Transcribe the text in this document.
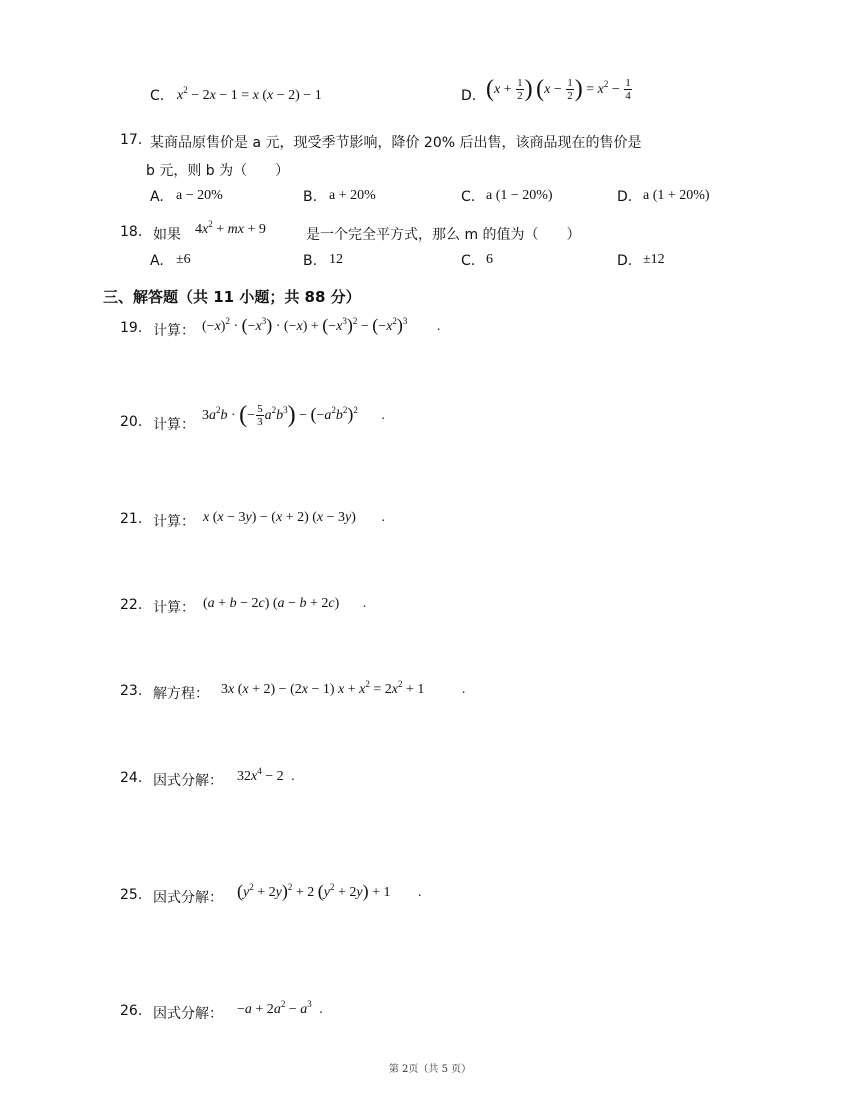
C. $x^2 - 2x - 1 = x$ (x − 2) − 1	D. ($x + \frac{1}{2}$ ) ($x - \frac{1}{2}$ ) = $x^2 - \frac{1}{4}$
17. 某商品原售价是 a 元，现受季节影响，降价 20% 后出售，该商品现在的售价是
b 元，则 b 为（　　）
A. a − 20%	B. a + 20%	C. a (1 − 20%)	D. a (1 + 20%)
18. 如果 $4x^2$ + mx + 9	是一个完全平方式，那么 m 的值为（　　）
A. ±6	B. 12	C. 6	D. ±12
三、解答题（共 11 小题；共 88 分）
19. 计算： $(-x)^2 \cdot (-x^3) \cdot (-x) + (-x^3)^2 - (-x^2)^3$ .
20. 计算：
$3a^2b$ · (− $\frac{5}{3} a^2b^3) - (-a^2b^2)^2$ .
21. 计算： x (x − 3y) − (x + 2) (x − 3y) .
22. 计算： (a + b − 2c) (a − b + 2c) .
23. 解方程： 3x (x + 2) − (2x − 1) $x + x^2 = 2x^2 + 1$ .
24. 因式分解： $32x^4 - 2$ .
25. 因式分解： $(y^2 + 2y)^2 + 2$ $(y^2 + 2y) + 1$ .
26. 因式分解： $-a + 2a^2 - a^3$ .
第 2页（共 5 页）
